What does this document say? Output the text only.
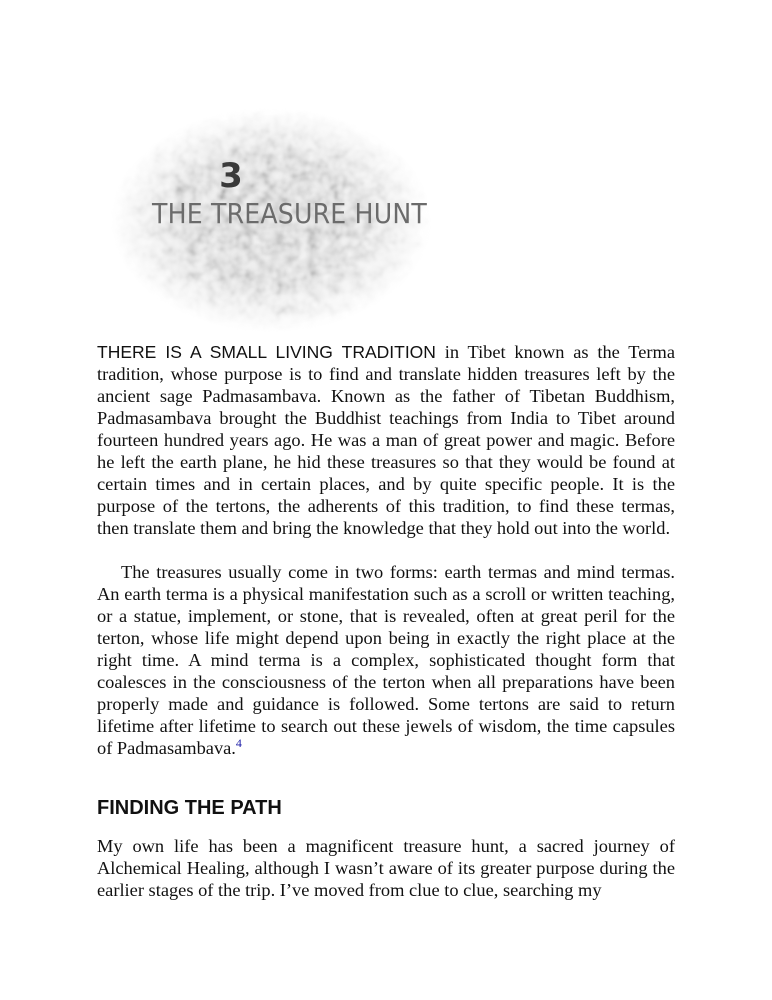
3
THE TREASURE HUNT

THERE IS A SMALL LIVING TRADITION in Tibet known as the Terma tradition, whose purpose is to find and translate hidden treasures left by the ancient sage Padmasambava. Known as the father of Tibetan Buddhism, Padmasambava brought the Buddhist teachings from India to Tibet around fourteen hundred years ago. He was a man of great power and magic. Before he left the earth plane, he hid these treasures so that they would be found at certain times and in certain places, and by quite specific people. It is the purpose of the tertons, the adherents of this tradition, to find these termas, then translate them and bring the knowledge that they hold out into the world.

The treasures usually come in two forms: earth termas and mind termas. An earth terma is a physical manifestation such as a scroll or written teaching, or a statue, implement, or stone, that is revealed, often at great peril for the terton, whose life might depend upon being in exactly the right place at the right time. A mind terma is a complex, sophisticated thought form that coalesces in the consciousness of the terton when all preparations have been properly made and guidance is followed. Some tertons are said to return lifetime after lifetime to search out these jewels of wisdom, the time capsules of Padmasambava.$^4$

FINDING THE PATH

My own life has been a magnificent treasure hunt, a sacred journey of Alchemical Healing, although I wasn’t aware of its greater purpose during the earlier stages of the trip. I’ve moved from clue to clue, searching my
